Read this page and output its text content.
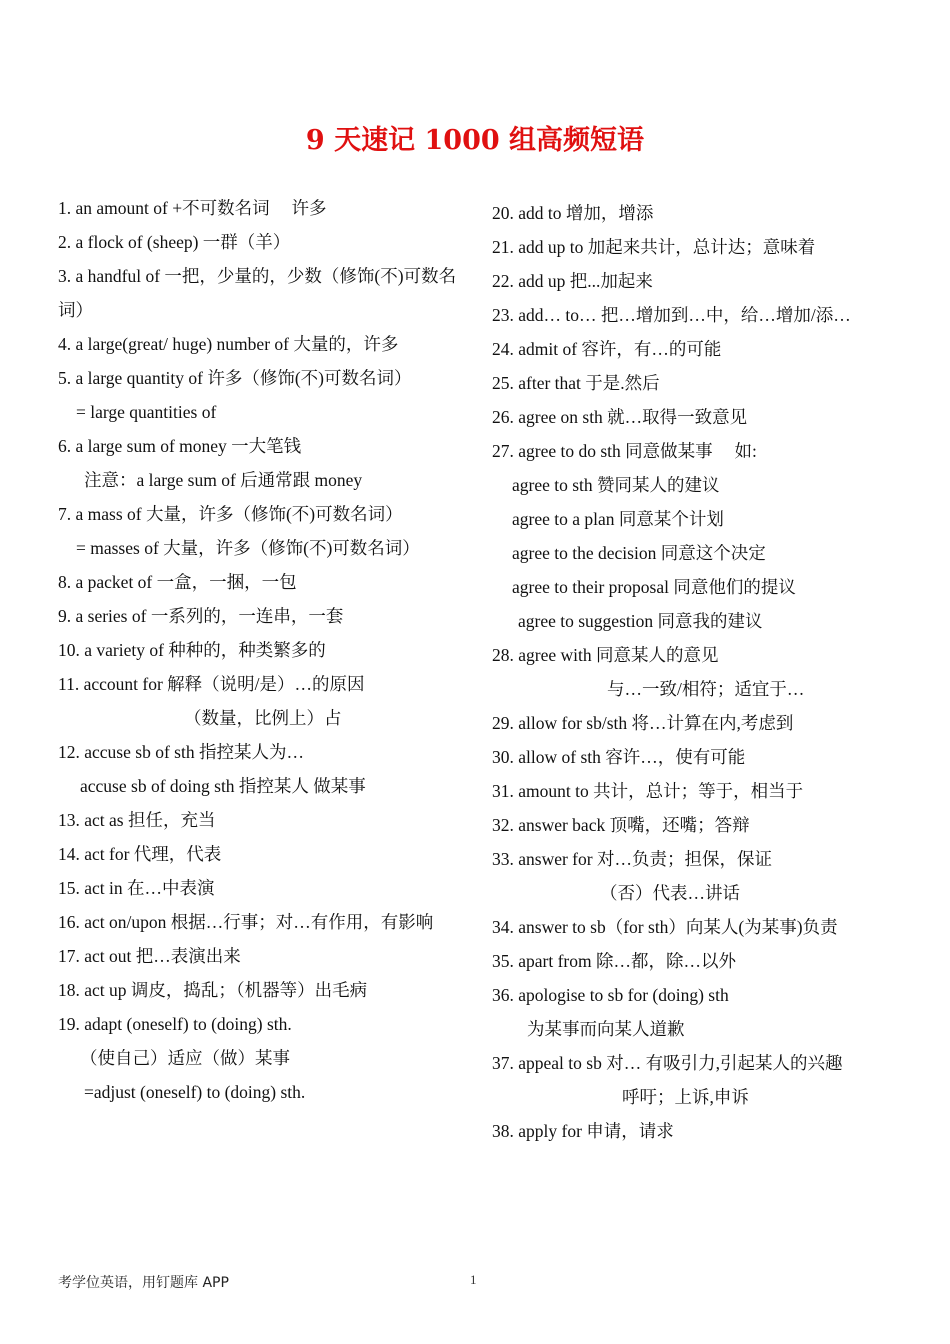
9 天速记 1000 组高频短语
1. an amount of +不可数名词　 许多
2. a flock of (sheep) 一群（羊）
3. a handful of 一把，少量的，少数（修饰(不)可数名词）
4. a large(great/ huge) number of 大量的，许多
5. a large quantity of 许多（修饰(不)可数名词）
= large quantities of
6. a large sum of money 一大笔钱
注意：a large sum of 后通常跟 money
7. a mass of 大量，许多（修饰(不)可数名词）
= masses of 大量，许多（修饰(不)可数名词）
8. a packet of 一盒，一捆，一包
9. a series of 一系列的，一连串，一套
10. a variety of 种种的，种类繁多的
11. account for 解释（说明/是）…的原因
（数量，比例上）占
12. accuse sb of sth 指控某人为…
accuse sb of doing sth 指控某人 做某事
13. act as 担任，充当
14. act for 代理，代表
15. act in 在…中表演
16. act on/upon 根据…行事；对…有作用，有影响
17. act out 把…表演出来
18. act up 调皮，捣乱；（机器等）出毛病
19. adapt (oneself) to (doing) sth.
（使自己）适应（做）某事
=adjust (oneself) to (doing) sth.
20. add to 增加，增添
21. add up to 加起来共计，总计达；意味着
22. add up 把...加起来
23. add… to… 把…增加到…中，给…增加/添…
24. admit of 容许，有…的可能
25. after that 于是.然后
26. agree on sth 就…取得一致意见
27. agree to do sth 同意做某事　 如:
agree to sth 赞同某人的建议
agree to a plan 同意某个计划
agree to the decision 同意这个决定
agree to their proposal 同意他们的提议
agree to suggestion 同意我的建议
28. agree with 同意某人的意见
与…一致/相符；适宜于…
29. allow for sb/sth 将…计算在内,考虑到
30. allow of sth 容许…，使有可能
31. amount to 共计，总计；等于，相当于
32. answer back 顶嘴，还嘴；答辩
33. answer for 对…负责；担保，保证
（否）代表…讲话
34. answer to sb（for sth）向某人(为某事)负责
35. apart from 除…都，除…以外
36. apologise to sb for (doing) sth
为某事而向某人道歉
37. appeal to sb 对… 有吸引力,引起某人的兴趣
呼吁；上诉,申诉
38. apply for 申请，请求
考学位英语，用钉题库 APP	1
